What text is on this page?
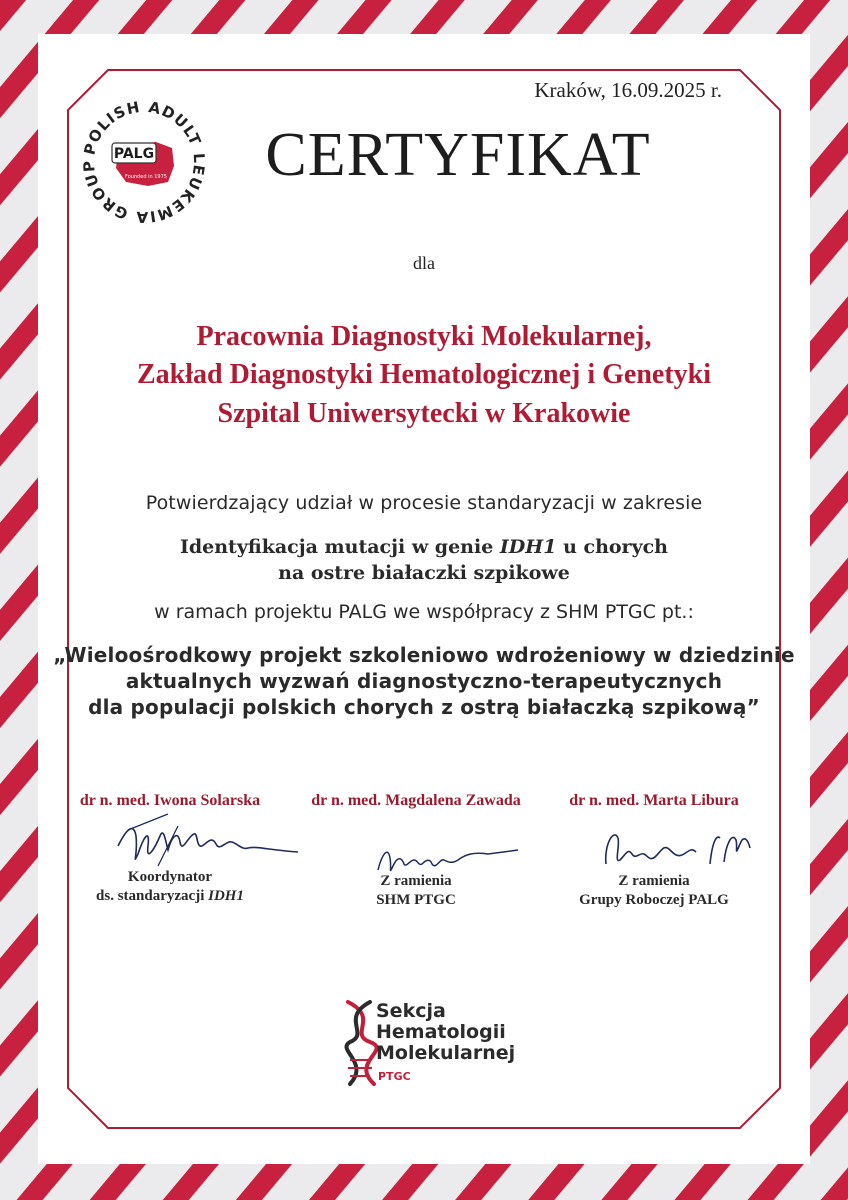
Kraków, 16.09.2025 r.
POLISH ADULT LEUKEMIA GROUP
PALG
Founded in 1975	CERTYFIKAT
dla
Pracownia Diagnostyki Molekularnej,
Zakład Diagnostyki Hematologicznej i Genetyki
Szpital Uniwersytecki w Krakowie
Potwierdzający udział w procesie standaryzacji w zakresie
Identyfikacja mutacji w genie IDH1 u chorych
na ostre białaczki szpikowe
w ramach projektu PALG we współpracy z SHM PTGC pt.:
„Wieloośrodkowy projekt szkoleniowo wdrożeniowy w dziedzinie
aktualnych wyzwań diagnostyczno-terapeutycznych
dla populacji polskich chorych z ostrą białaczką szpikową”
dr n. med. Iwona Solarska
Koordynator
ds. standaryzacji IDH1
dr n. med. Magdalena Zawada
Z ramienia
SHM PTGC
dr n. med. Marta Libura
Z ramienia
Grupy Roboczej PALG
Sekcja
Hematologii
Molekularnej
PTGC
